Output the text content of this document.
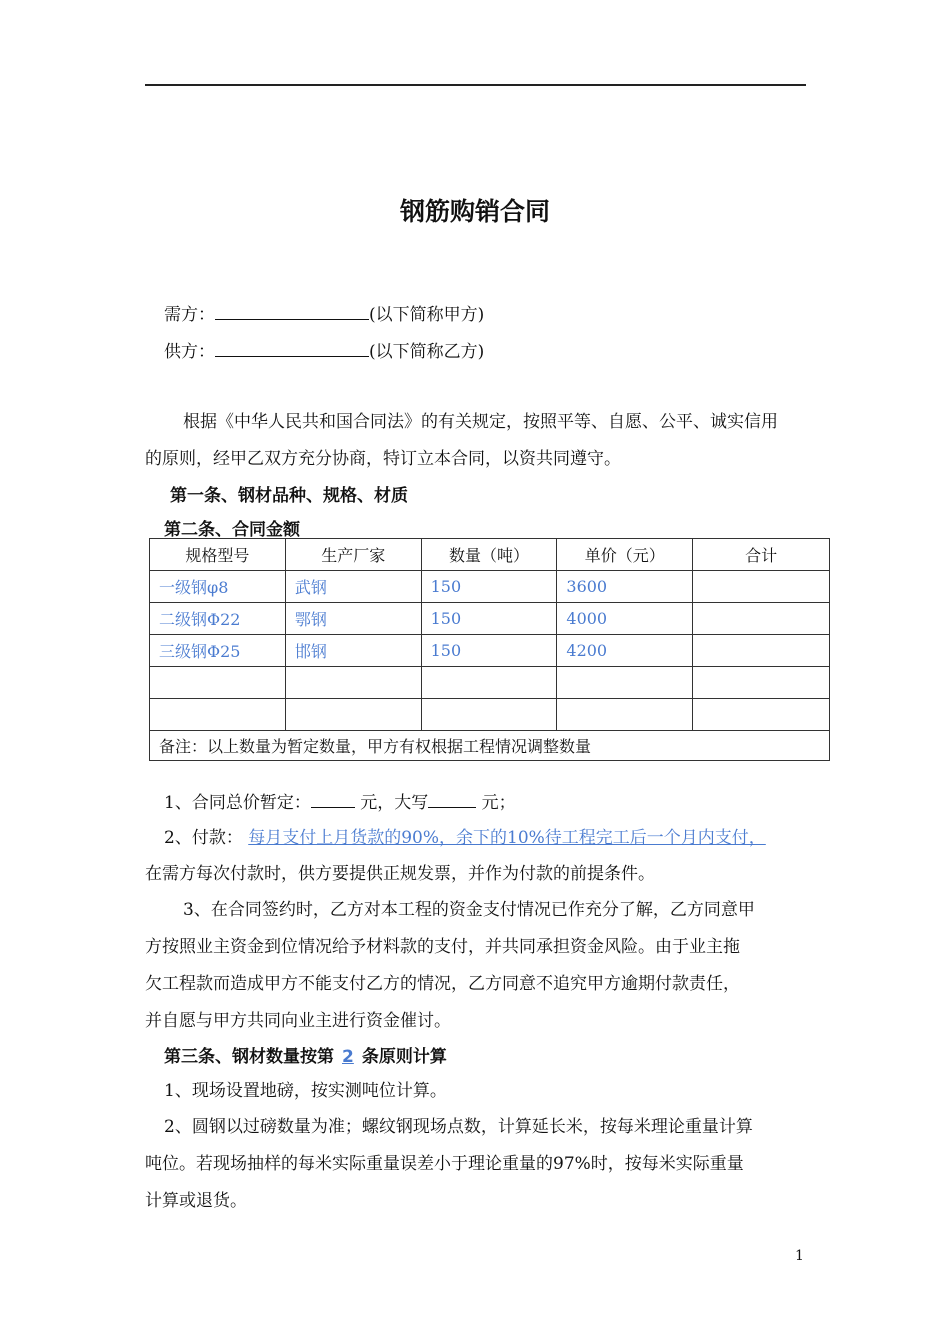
钢筋购销合同
需方：	(以下简称甲方)
供方：	(以下简称乙方)
根据《中华人民共和国合同法》的有关规定，按照平等、自愿、公平、诚实信用
的原则，经甲乙双方充分协商，特订立本合同，以资共同遵守。
第一条、钢材品种、规格、材质
第二条、合同金额
规格型号	生产厂家	数量（吨）	单价（元）	合计
一级钢φ8	武钢	150	3600	
二级钢Φ22	鄂钢	150	4000	
三级钢Φ25	邯钢	150	4200	

备注：以上数量为暂定数量，甲方有权根据工程情况调整数量				
1、合同总价暂定：	元，大写	元；
2、付款： 每月支付上月货款的90%，余下的10%待工程完工后一个月内支付，
在需方每次付款时，供方要提供正规发票，并作为付款的前提条件。
3、在合同签约时，乙方对本工程的资金支付情况已作充分了解，乙方同意甲
方按照业主资金到位情况给予材料款的支付，并共同承担资金风险。由于业主拖
欠工程款而造成甲方不能支付乙方的情况，乙方同意不追究甲方逾期付款责任，
并自愿与甲方共同向业主进行资金催讨。
第三条、钢材数量按第 2 条原则计算
1、现场设置地磅，按实测吨位计算。
2、圆钢以过磅数量为准；螺纹钢现场点数，计算延长米，按每米理论重量计算
吨位。若现场抽样的每米实际重量误差小于理论重量的97%时，按每米实际重量
计算或退货。
1
